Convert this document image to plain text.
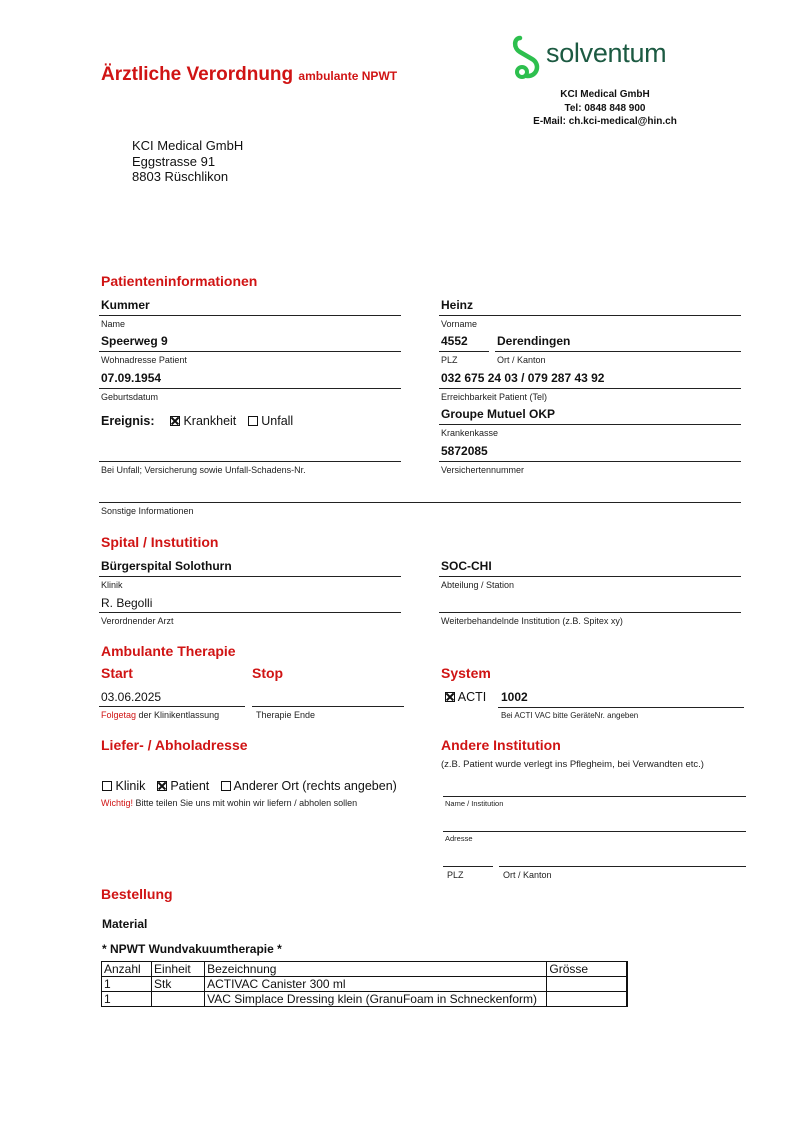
Ärztliche Verordnung ambulante NPWT
solventum
KCI Medical GmbH
Tel: 0848 848 900
E-Mail: ch.kci-medical@hin.ch
KCI Medical GmbH
Eggstrasse 91
8803 Rüschlikon
Patienteninformationen
Kummer
Name
Heinz
Vorname
Speerweg 9
Wohnadresse Patient
4552
PLZ
Derendingen
Ort / Kanton
07.09.1954
Geburtsdatum
032 675 24 03 / 079 287 43 92
Erreichbarkeit Patient (Tel)
Ereignis: Krankheit Unfall	Groupe Mutuel OKP
Krankenkasse
5872085
Bei Unfall; Versicherung sowie Unfall-Schadens-Nr.	Versichertennummer
Sonstige Informationen
Spital / Instutition
Bürgerspital Solothurn
Klinik
SOC-CHI
Abteilung / Station
R. Begolli
Verordnender Arzt	Weiterbehandelnde Institution (z.B. Spitex xy)
Ambulante Therapie
Start	Stop	System
03.06.2025
Folgetag der Klinikentlassung	Therapie Ende
ACTI 1002
Bei ACTI VAC bitte GeräteNr. angeben
Liefer- / Abholadresse
Klinik Patient Anderer Ort (rechts angeben)
Wichtig! Bitte teilen Sie uns mit wohin wir liefern / abholen sollen
Andere Institution
(z.B. Patient wurde verlegt ins Pflegheim, bei Verwandten etc.)
Name / Institution
Adresse
PLZ	Ort / Kanton
Bestellung
Material
* NPWT Wundvakuumtherapie *
Anzahl	Einheit	Bezeichnung	Grösse
1	Stk	ACTIVAC Canister 300 ml	
1		VAC Simplace Dressing klein (GranuFoam in Schneckenform)	
